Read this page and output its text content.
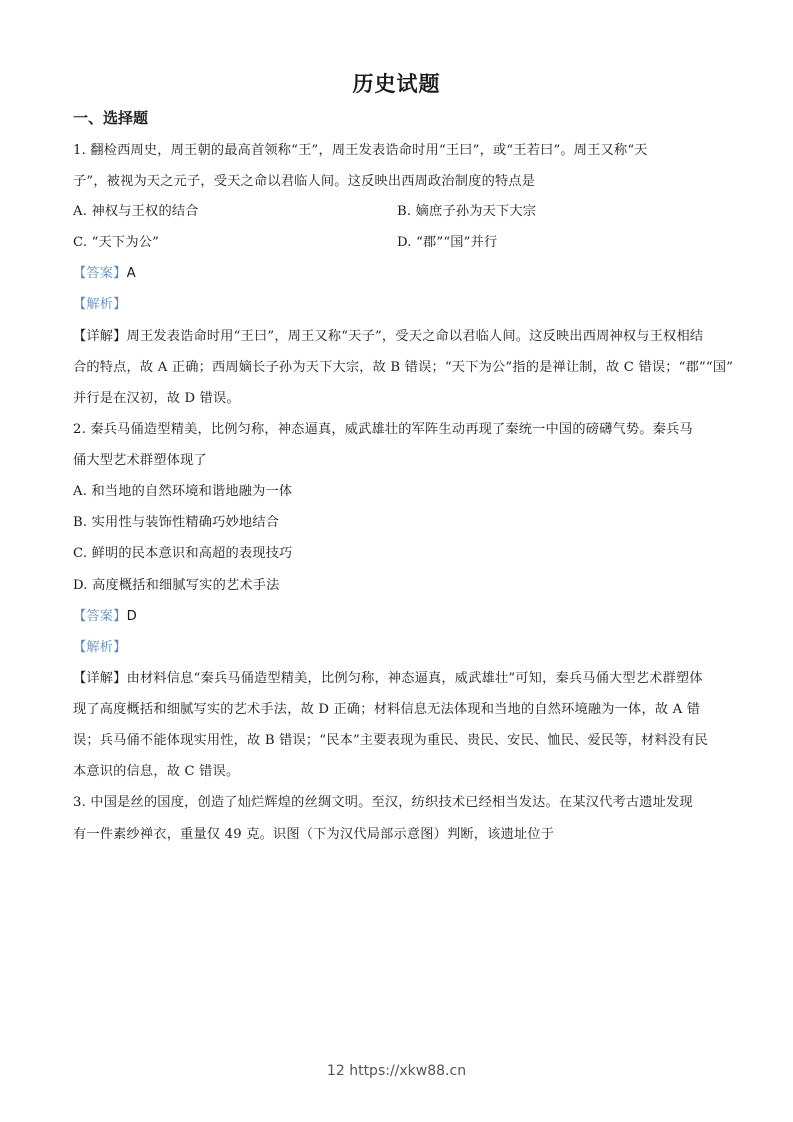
历史试题
一、选择题
1. 翻检西周史，周王朝的最高首领称“王”，周王发表诰命时用“王曰”，或“王若曰”。周王又称“天
子”，被视为天之元子，受天之命以君临人间。这反映出西周政治制度的特点是
A. 神权与王权的结合	B. 嫡庶子孙为天下大宗
C. “天下为公”	D. “郡”“国”并行
【答案】A
【解析】
【详解】周王发表诰命时用“王曰”，周王又称“天子”，受天之命以君临人间。这反映出西周神权与王权相结
合的特点，故 A 正确；西周嫡长子孙为天下大宗，故 B 错误；“天下为公”指的是禅让制，故 C 错误；“郡”“国”
并行是在汉初，故 D 错误。
2. 秦兵马俑造型精美，比例匀称，神态逼真，威武雄壮的军阵生动再现了秦统一中国的磅礴气势。秦兵马
俑大型艺术群塑体现了
A. 和当地的自然环境和谐地融为一体
B. 实用性与装饰性精确巧妙地结合
C. 鲜明的民本意识和高超的表现技巧
D. 高度概括和细腻写实的艺术手法
【答案】D
【解析】
【详解】由材料信息“秦兵马俑造型精美，比例匀称，神态逼真，威武雄壮”可知，秦兵马俑大型艺术群塑体
现了高度概括和细腻写实的艺术手法，故 D 正确；材料信息无法体现和当地的自然环境融为一体，故 A 错
误；兵马俑不能体现实用性，故 B 错误；“民本”主要表现为重民、贵民、安民、恤民、爱民等，材料没有民
本意识的信息，故 C 错误。
3. 中国是丝的国度，创造了灿烂辉煌的丝绸文明。至汉，纺织技术已经相当发达。在某汉代考古遗址发现
有一件素纱禅衣，重量仅 49 克。识图（下为汉代局部示意图）判断，该遗址位于
12 https://xkw88.cn
